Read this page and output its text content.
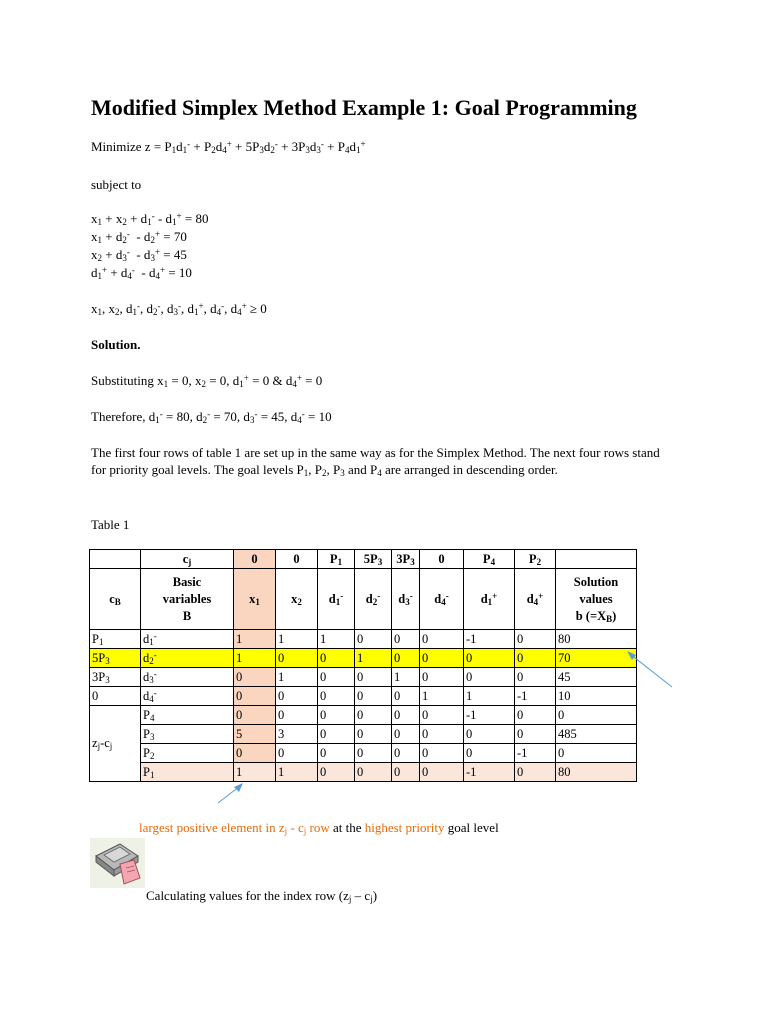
Modified Simplex Method Example 1: Goal Programming

Minimize $z = P_1d_1^- + P_2d_4^+ + 5P_3d_2^- + 3P_3d_3^- + P_4d_1^+$

subject to

$x_1 + x_2 + d_1^- - d_1^+ = 80$

$x_1 + d_2^- - d_2^+ = 70$

$x_2 + d_3^- - d_3^+ = 45$

$d_1^+ + d_4^- - d_4^+ = 10$

$x_1$, $x_2$, $d_1^-$, $d_2^-$, $d_3^-$, $d_1^+$, $d_4^-$, $d_4^+ \ge 0$

Solution.

Substituting $x_1 = 0$, $x_2 = 0$, $d_1^+ = 0$ & $d_4^+ = 0$

Therefore, $d_1^- = 80$, $d_2^- = 70$, $d_3^- = 45$, $d_4^- = 10$

The first four rows of table 1 are set up in the same way as for the Simplex Method. The next four rows stand for priority goal levels. The goal levels $P_1$, $P_2$, $P_3$ and $P_4$ are arranged in descending order.

Table 1

	$c_j$	0	0	$P_1$	$5P_3$	$3P_3$	0	$P_4$	$P_2$	
$c_B$	Basic
variables
B	$x_1$	$x_2$	$d_1^-$	$d_2^-$	$d_3^-$	$d_4^-$	$d_1^+$	$d_4^+$	Solution
values
b $(=X_B)$
$P_1$	$d_1^-$	1	1	1	0	0	0	-1	0	80
$5P_3$	$d_2^-$	1	0	0	1	0	0	0	0	70
$3P_3$	$d_3^-$	0	1	0	0	1	0	0	0	45
0	$d_4^-$	0	0	0	0	0	1	1	-1	10
$z_j-c_j$	$P_4$	0	0	0	0	0	0	-1	0	0
	$P_3$	5	3	0	0	0	0	0	0	485
	$P_2$	0	0	0	0	0	0	0	-1	0
	$P_1$	1	1	0	0	0	0	-1	0	80

largest positive element in $z_j - c_j$ row at the highest priority goal level

Calculating values for the index row $(z_j - c_j)$
